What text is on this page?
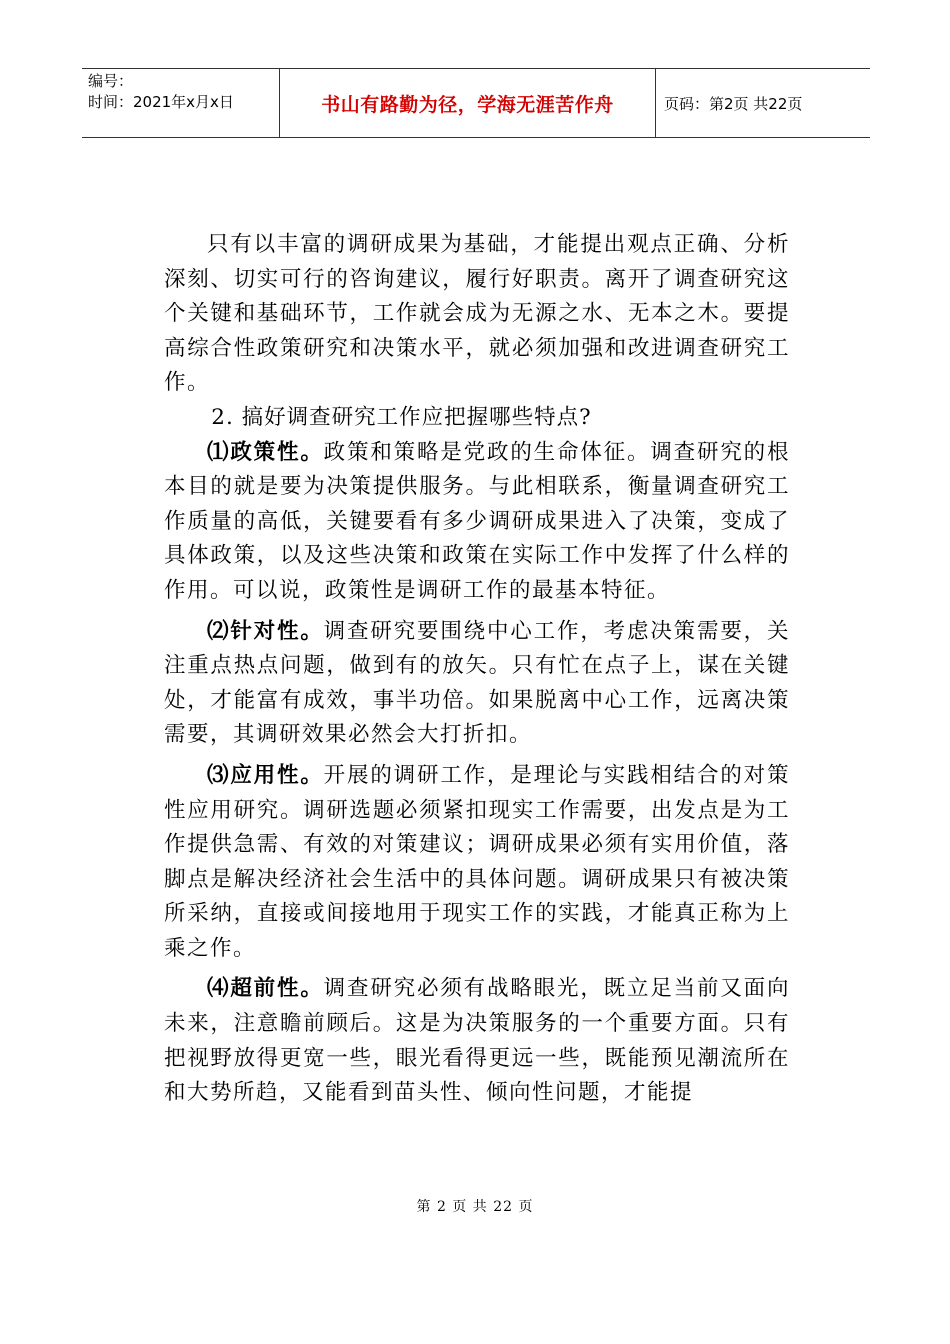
编号：
时间：2021年x月x日	书山有路勤为径，学海无涯苦作舟	页码：第2页 共22页

只有以丰富的调研成果为基础，才能提出观点正确、分析深刻、切实可行的咨询建议，履行好职责。离开了调查研究这个关键和基础环节，工作就会成为无源之水、无本之木。要提高综合性政策研究和决策水平，就必须加强和改进调查研究工作。

2. 搞好调查研究工作应把握哪些特点?

⑴政策性。政策和策略是党政的生命体征。调查研究的根本目的就是要为决策提供服务。与此相联系，衡量调查研究工作质量的高低，关键要看有多少调研成果进入了决策，变成了具体政策，以及这些决策和政策在实际工作中发挥了什么样的作用。可以说，政策性是调研工作的最基本特征。

⑵针对性。调查研究要围绕中心工作，考虑决策需要，关注重点热点问题，做到有的放矢。只有忙在点子上，谋在关键处，才能富有成效，事半功倍。如果脱离中心工作，远离决策需要，其调研效果必然会大打折扣。

⑶应用性。开展的调研工作，是理论与实践相结合的对策性应用研究。调研选题必须紧扣现实工作需要，出发点是为工作提供急需、有效的对策建议；调研成果必须有实用价值，落脚点是解决经济社会生活中的具体问题。调研成果只有被决策所采纳，直接或间接地用于现实工作的实践，才能真正称为上乘之作。

⑷超前性。调查研究必须有战略眼光，既立足当前又面向未来，注意瞻前顾后。这是为决策服务的一个重要方面。只有把视野放得更宽一些，眼光看得更远一些，既能预见潮流所在和大势所趋，又能看到苗头性、倾向性问题，才能提

第 2 页 共 22 页
